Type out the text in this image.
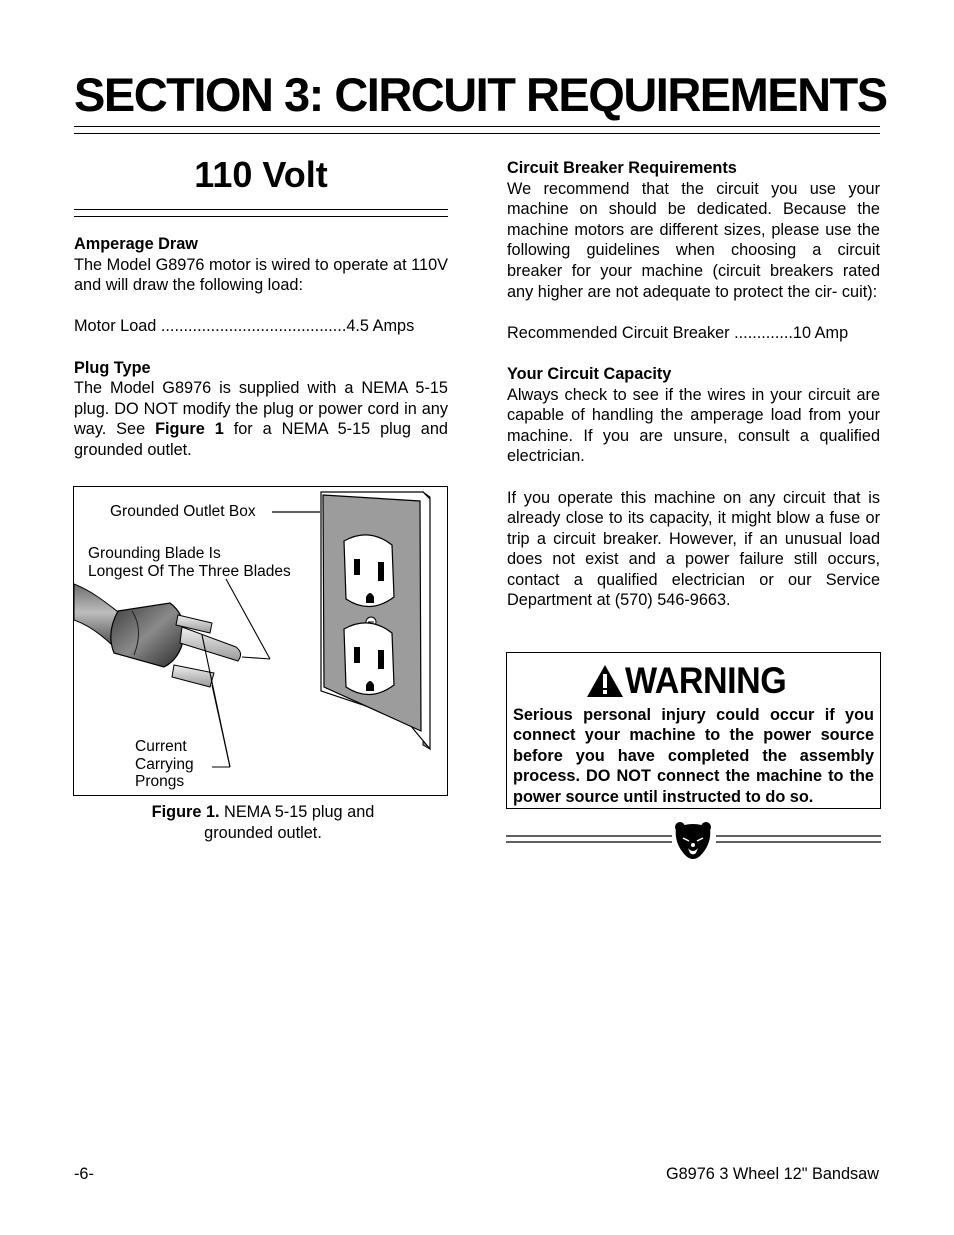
SECTION 3: CIRCUIT REQUIREMENTS
110 Volt

Amperage Draw

The Model G8976 motor is wired to operate at 110V and will draw the following load:

Motor Load .........................................4.5 Amps

Plug Type

The Model G8976 is supplied with a NEMA 5-15 plug. DO NOT modify the plug or power cord in any way. See Figure 1 for a NEMA 5-15 plug and grounded outlet.

Grounded Outlet Box
Grounding Blade Is
Longest Of The Three Blades
Current
Carrying
Prongs
Figure 1. NEMA 5-15 plug and
grounded outlet.

Circuit Breaker Requirements

We recommend that the circuit you use your machine on should be dedicated. Because the machine motors are different sizes, please use the following guidelines when choosing a circuit breaker for your machine (circuit breakers rated any higher are not adequate to protect the cir- cuit):

Recommended Circuit Breaker .............10 Amp

Your Circuit Capacity

Always check to see if the wires in your circuit are capable of handling the amperage load from your machine. If you are unsure, consult a qualified electrician.

If you operate this machine on any circuit that is already close to its capacity, it might blow a fuse or trip a circuit breaker. However, if an unusual load does not exist and a power failure still occurs, contact a qualified electrician or our Service Department at (570) 546-9663.

WARNING

Serious personal injury could occur if you connect your machine to the power source before you have completed the assembly process. DO NOT connect the machine to the power source until instructed to do so.

-6-	G8976 3 Wheel 12" Bandsaw
